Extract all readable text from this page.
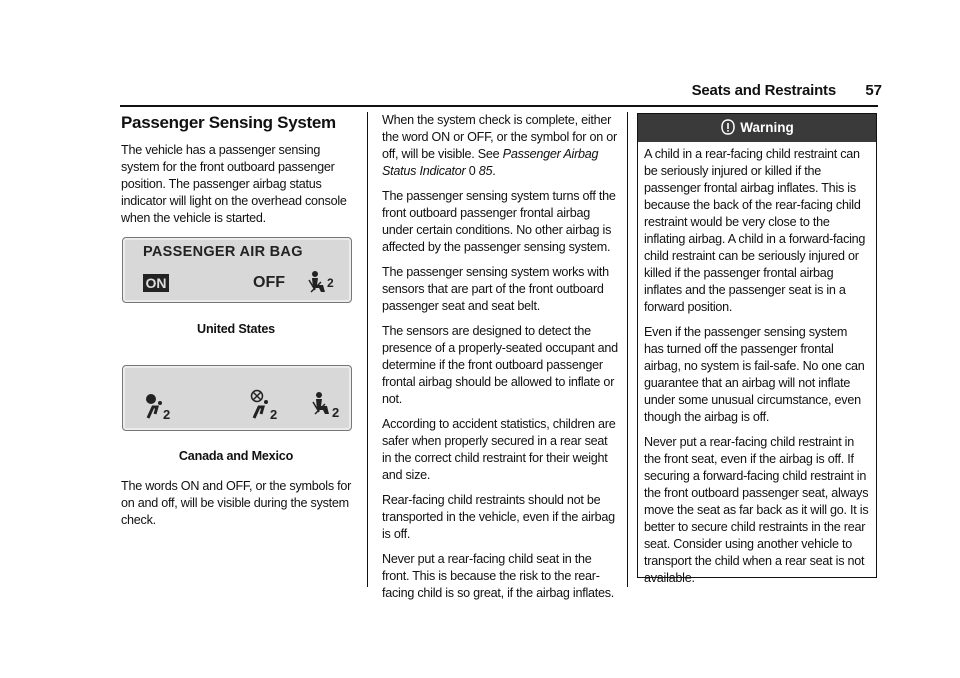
Seats and Restraints	57
Passenger Sensing System

The vehicle has a passenger sensing system for the front outboard passenger position. The passenger airbag status indicator will light on the overhead console when the vehicle is started.

PASSENGER AIR BAG
ON	OFF	2
United States
2	2	2
Canada and Mexico
The words ON and OFF, or the symbols for on and off, will be visible during the system check.

When the system check is complete, either the word ON or OFF, or the symbol for on or off, will be visible. See Passenger Airbag Status Indicator 0 85.

The passenger sensing system turns off the front outboard passenger frontal airbag under certain conditions. No other airbag is affected by the passenger sensing system.

The passenger sensing system works with sensors that are part of the front outboard passenger seat and seat belt.

The sensors are designed to detect the presence of a properly-seated occupant and determine if the front outboard passenger frontal airbag should be allowed to inflate or not.

According to accident statistics, children are safer when properly secured in a rear seat in the correct child restraint for their weight and size.

Rear-facing child restraints should not be transported in the vehicle, even if the airbag is off.

Never put a rear-facing child seat in the front. This is because the risk to the rear-facing child is so great, if the airbag inflates.

Warning

A child in a rear-facing child restraint can be seriously injured or killed if the passenger frontal airbag inflates. This is because the back of the rear-facing child restraint would be very close to the inflating airbag. A child in a forward-facing child restraint can be seriously injured or killed if the passenger frontal airbag inflates and the passenger seat is in a forward position.

Even if the passenger sensing system has turned off the passenger frontal airbag, no system is fail-safe. No one can guarantee that an airbag will not inflate under some unusual circumstance, even though the airbag is off.

Never put a rear-facing child restraint in the front seat, even if the airbag is off. If securing a forward-facing child restraint in the front outboard passenger seat, always move the seat as far back as it will go. It is better to secure child restraints in the rear seat. Consider using another vehicle to transport the child when a rear seat is not available.
